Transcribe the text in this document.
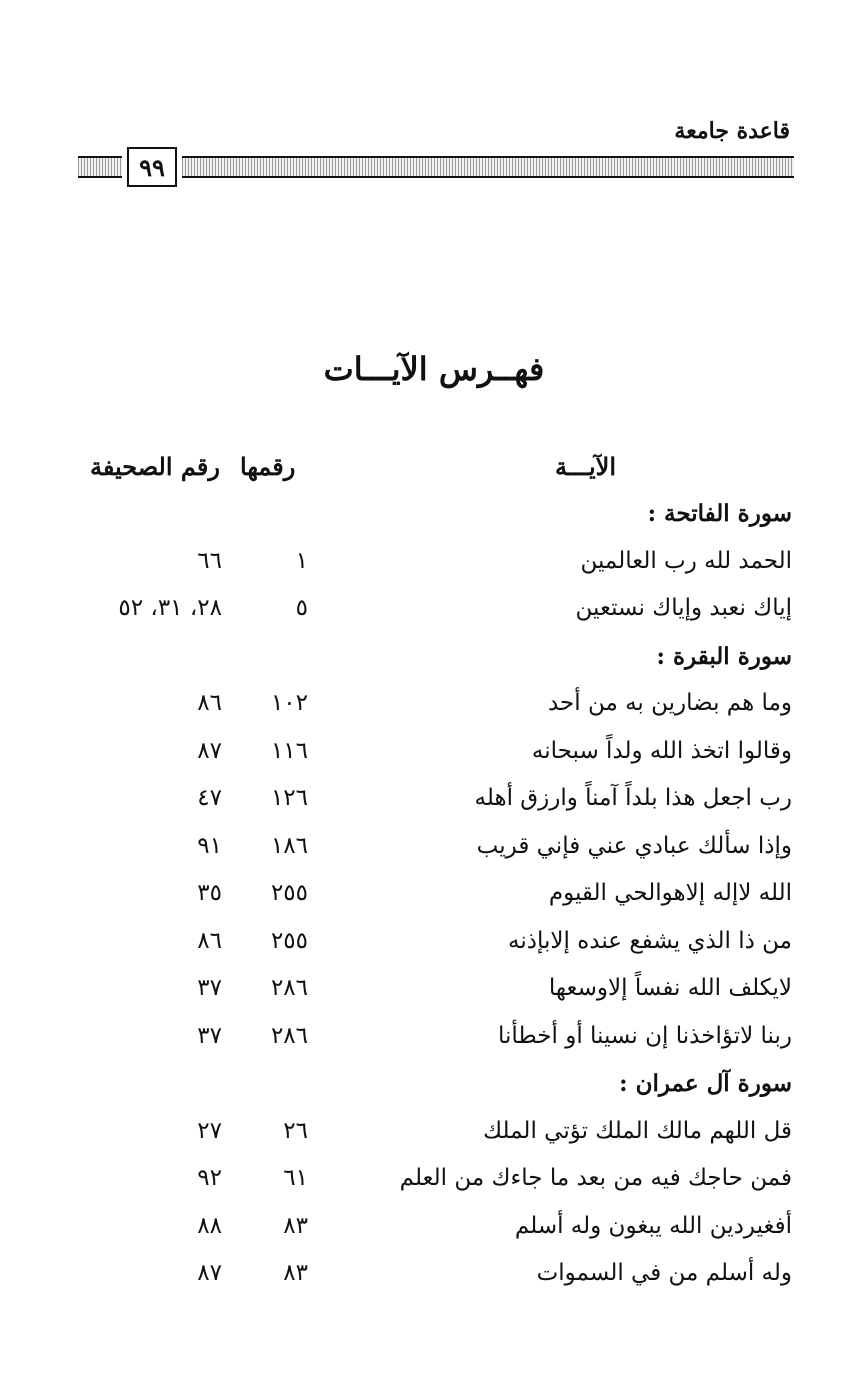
قاعدة جامعة
٩٩
فهــرس الآيـــات
الآيـــة
رقمها
رقم الصحيفة
سورة الفاتحة :
الحمد لله رب العالمين
١
٦٦
إياك نعبد وإياك نستعين
٥
٢٨، ٣١، ٥٢
سورة البقرة :
وما هم بضارين به من أحد
١٠٢
٨٦
وقالوا اتخذ الله ولداً سبحانه
١١٦
٨٧
رب اجعل هذا بلداً آمناً وارزق أهله
١٢٦
٤٧
وإذا سألك عبادي عني فإني قريب
١٨٦
٩١
الله لاإله إلاهوالحي القيوم
٢٥٥
٣٥
من ذا الذي يشفع عنده إلابإذنه
٢٥٥
٨٦
لايكلف الله نفساً إلاوسعها
٢٨٦
٣٧
ربنا لاتؤاخذنا إن نسينا أو أخطأنا
٢٨٦
٣٧
سورة آل عمران :
قل اللهم مالك الملك تؤتي الملك
٢٦
٢٧
فمن حاجك فيه من بعد ما جاءك من العلم
٦١
٩٢
أفغيردين الله يبغون وله أسلم
٨٣
٨٨
وله أسلم من في السموات
٨٣
٨٧
